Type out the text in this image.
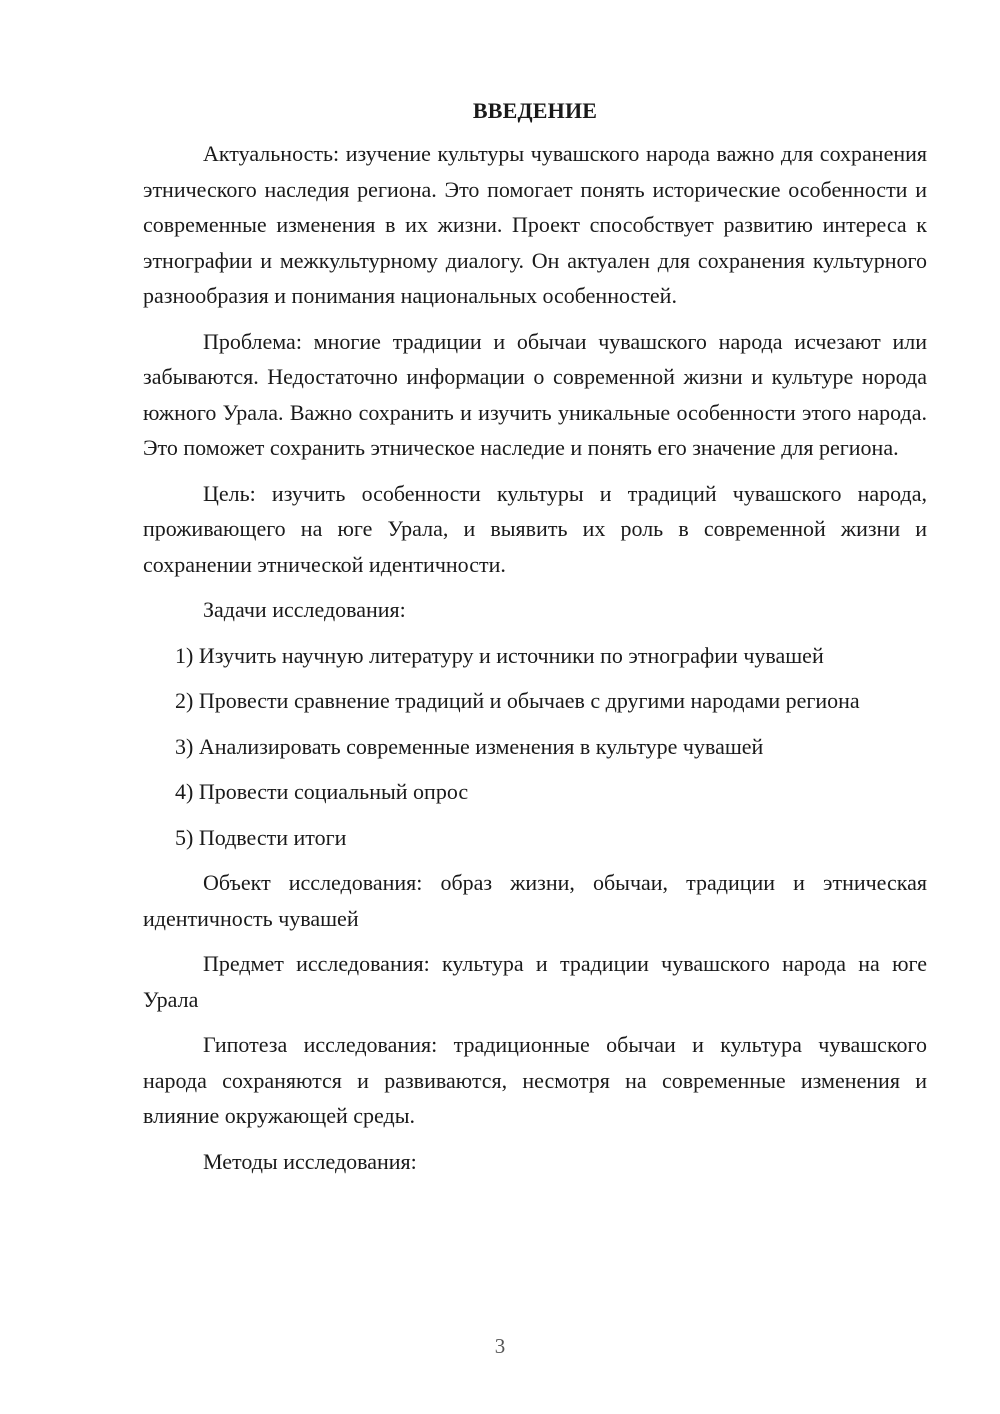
ВВЕДЕНИЕ

Актуальность: изучение культуры чувашского народа важно для сохранения этнического наследия региона. Это помогает понять исторические особенности и современные изменения в их жизни. Проект способствует развитию интереса к этнографии и межкультурному диалогу. Он актуален для сохранения культурного разнообразия и понимания национальных особенностей.

Проблема: многие традиции и обычаи чувашского народа исчезают или забываются. Недостаточно информации о современной жизни и культуре норода южного Урала. Важно сохранить и изучить уникальные особенности этого народа. Это поможет сохранить этническое наследие и понять его значение для региона.

Цель: изучить особенности культуры и традиций чувашского народа, проживающего на юге Урала, и выявить их роль в современной жизни и сохранении этнической идентичности.

Задачи исследования:

1) Изучить научную литературу и источники по этнографии чувашей

2) Провести сравнение традиций и обычаев с другими народами региона

3) Анализировать современные изменения в культуре чувашей

4) Провести социальный опрос

5) Подвести итоги

Объект исследования: образ жизни, обычаи, традиции и этническая идентичность чувашей

Предмет исследования: культура и традиции чувашского народа на юге Урала

Гипотеза исследования: традиционные обычаи и культура чувашского народа сохраняются и развиваются, несмотря на современные изменения и влияние окружающей среды.

Методы исследования:

3
